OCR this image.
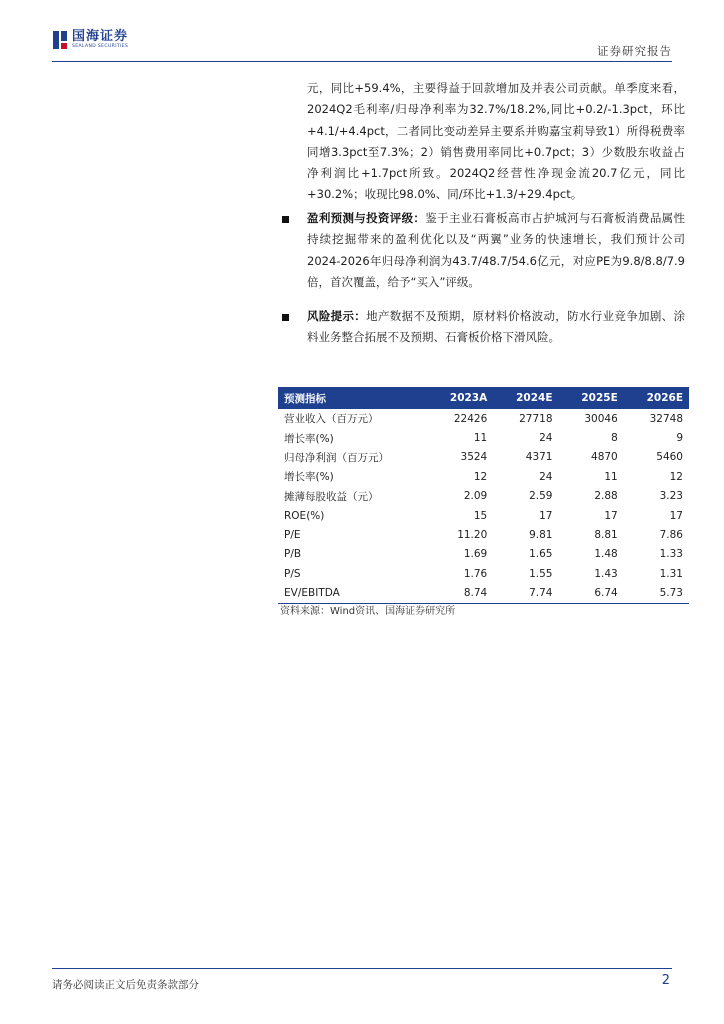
国海证券
SEALAND SECURITIES	证券研究报告
元，同比+59.4%，主要得益于回款增加及并表公司贡献。单季度来看，2024Q2毛利率/归母净利率为32.7%/18.2%,同比+0.2/-1.3pct，环比+4.1/+4.4pct，二者同比变动差异主要系并购嘉宝莉导致1）所得税费率同增3.3pct至7.3%；2）销售费用率同比+0.7pct；3）少数股东收益占净利润比+1.7pct所致。2024Q2经营性净现金流20.7亿元，同比+30.2%；收现比98.0%、同/环比+1.3/+29.4pct。
盈利预测与投资评级：鉴于主业石膏板高市占护城河与石膏板消费品属性持续挖掘带来的盈利优化以及“两翼”业务的快速增长，我们预计公司2024-2026年归母净利润为43.7/48.7/54.6亿元，对应PE为9.8/8.8/7.9倍，首次覆盖，给予“买入”评级。
风险提示：地产数据不及预期，原材料价格波动，防水行业竞争加剧、涂料业务整合拓展不及预期、石膏板价格下滑风险。
预测指标	2023A	2024E	2025E	2026E
营业收入（百万元）	22426	27718	30046	32748
增长率(%)	11	24	8	9
归母净利润（百万元）	3524	4371	4870	5460
增长率(%)	12	24	11	12
摊薄每股收益（元）	2.09	2.59	2.88	3.23
ROE(%)	15	17	17	17
P/E	11.20	9.81	8.81	7.86
P/B	1.69	1.65	1.48	1.33
P/S	1.76	1.55	1.43	1.31
EV/EBITDA	8.74	7.74	6.74	5.73
资料来源：Wind资讯、国海证券研究所
请务必阅读正文后免责条款部分	2
